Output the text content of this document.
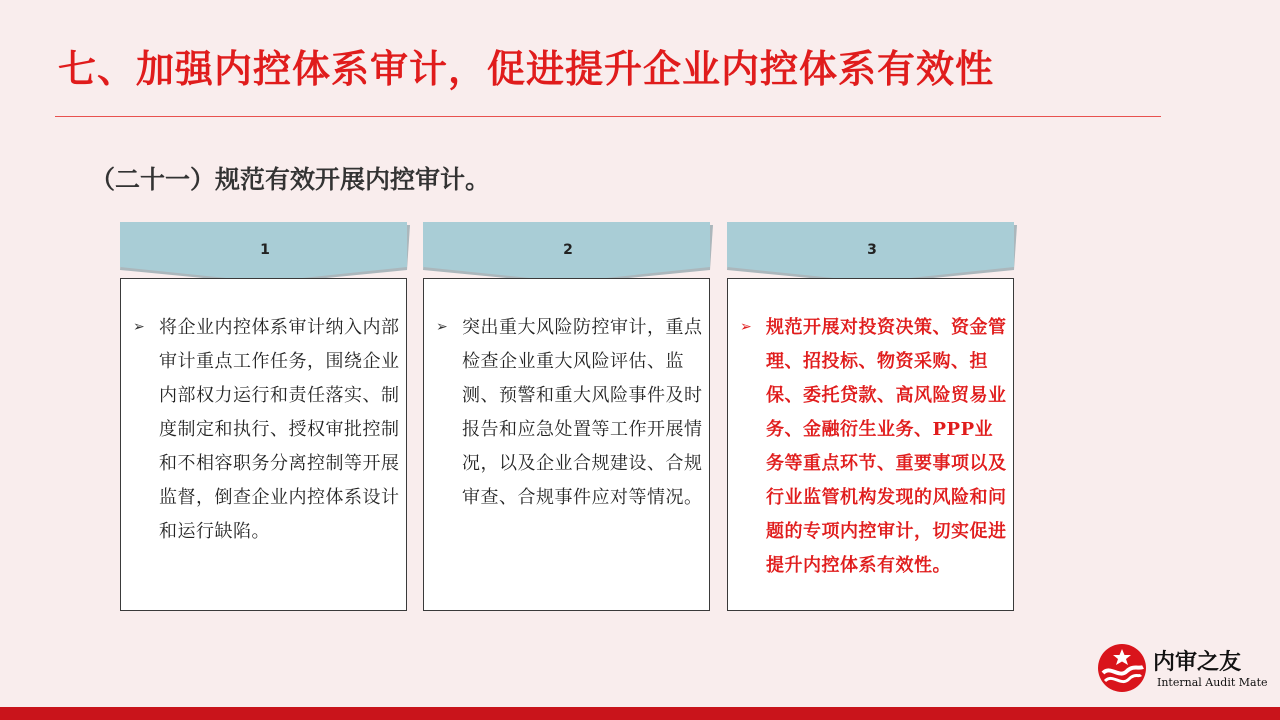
七、加强内控体系审计，促进提升企业内控体系有效性
（二十一）规范有效开展内控审计。
1
➢ 将企业内控体系审计纳入内部审计重点工作任务，围绕企业内部权力运行和责任落实、制度制定和执行、授权审批控制和不相容职务分离控制等开展监督，倒查企业内控体系设计和运行缺陷。
2
➢ 突出重大风险防控审计，重点检查企业重大风险评估、监测、预警和重大风险事件及时报告和应急处置等工作开展情况，以及企业合规建设、合规审查、合规事件应对等情况。
3
➢ 规范开展对投资决策、资金管理、招投标、物资采购、担保、委托贷款、高风险贸易业务、金融衍生业务、PPP业务等重点环节、重要事项以及行业监管机构发现的风险和问题的专项内控审计，切实促进提升内控体系有效性。
内审之友
Internal Audit Mate
